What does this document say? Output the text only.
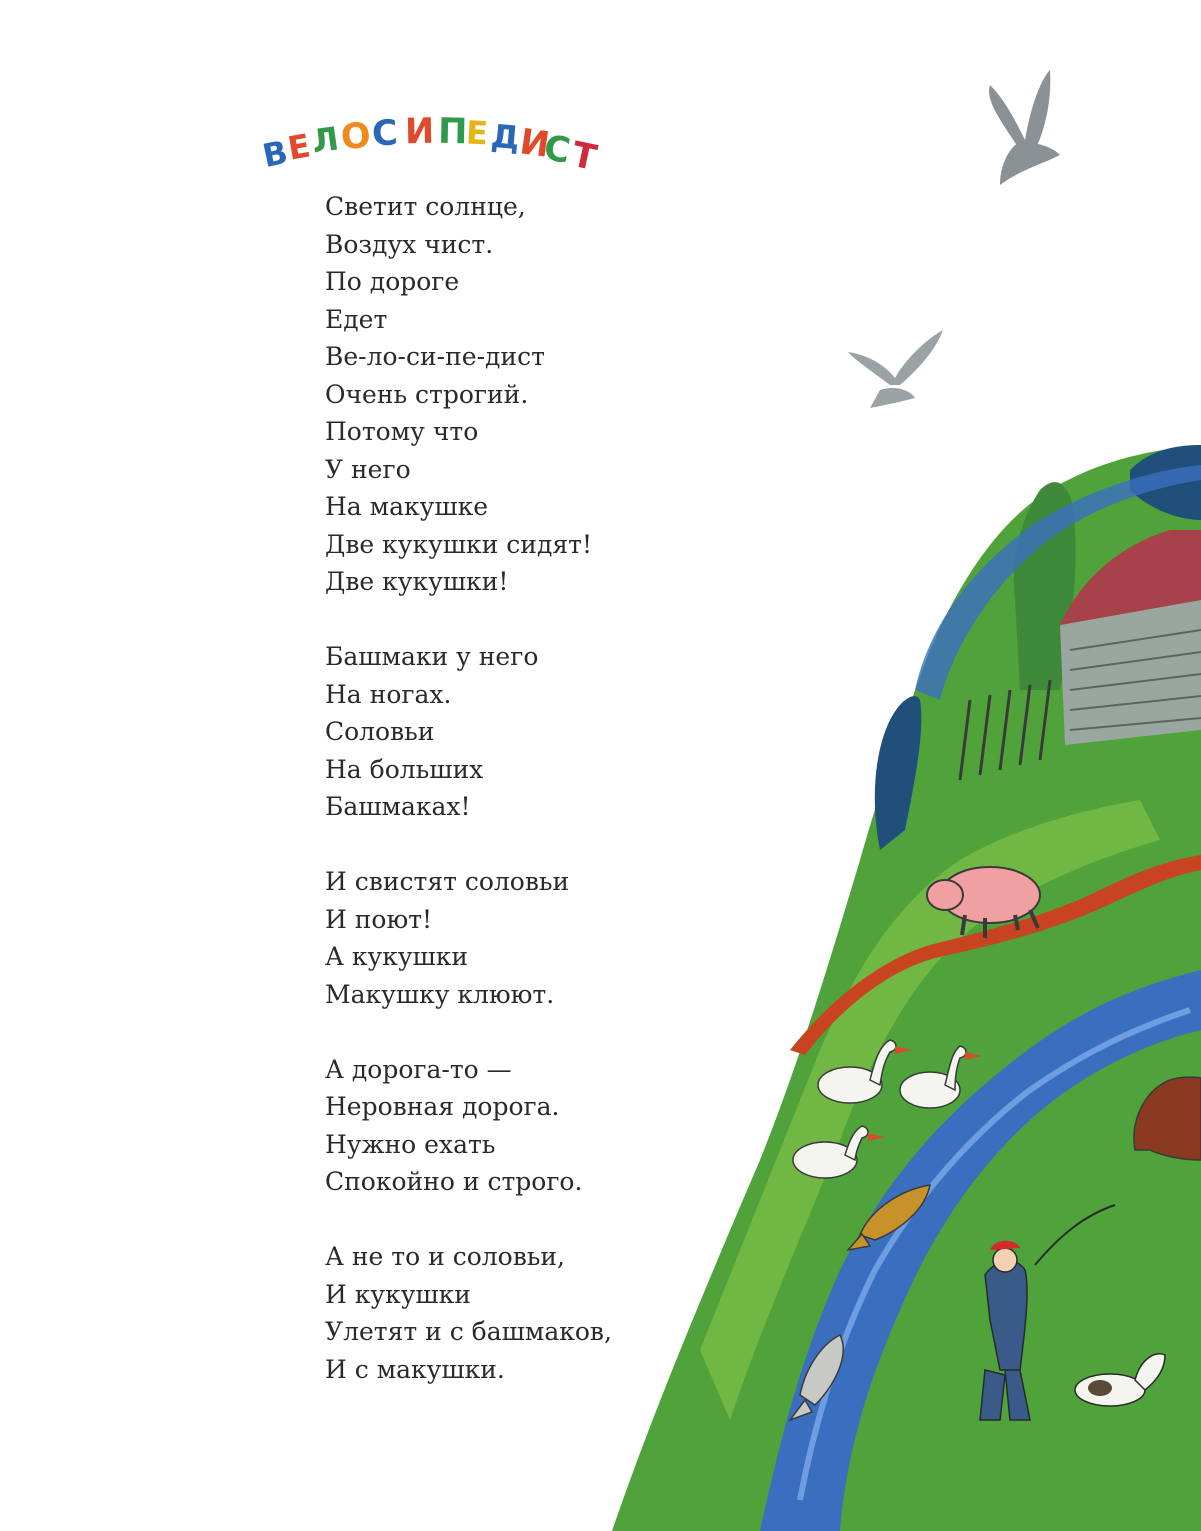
В
Е
Л
О
С И П
Е Д
И
С
Т
Светит солнце,
Воздух чист.
По дороге
Едет
Ве-ло-си-пе-дист
Очень строгий.
Потому что
У него
На макушке
Две кукушки сидят!
Две кукушки!
Башмаки у него
На ногах.
Соловьи
На больших
Башмаках!
И свистят соловьи
И поют!
А кукушки
Макушку клюют.
А дорога-то —
Неровная дорога.
Нужно ехать
Спокойно и строго.
А не то и соловьи,
И кукушки
Улетят и с башмаков,
И с макушки.
